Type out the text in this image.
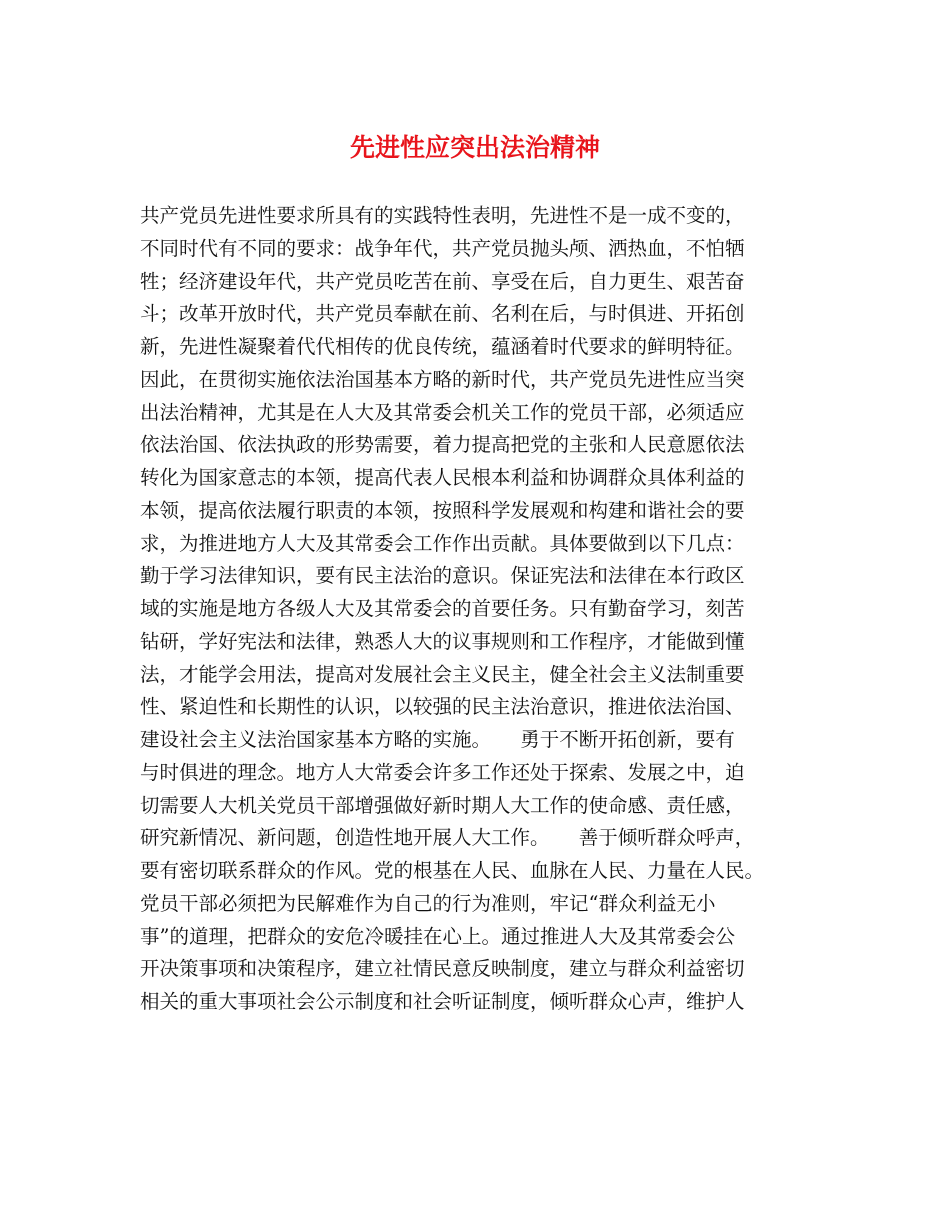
先进性应突出法治精神
共产党员先进性要求所具有的实践特性表明，先进性不是一成不变的，
不同时代有不同的要求：战争年代，共产党员抛头颅、洒热血，不怕牺
牲；经济建设年代，共产党员吃苦在前、享受在后，自力更生、艰苦奋
斗；改革开放时代，共产党员奉献在前、名利在后，与时俱进、开拓创
新，先进性凝聚着代代相传的优良传统，蕴涵着时代要求的鲜明特征。
因此，在贯彻实施依法治国基本方略的新时代，共产党员先进性应当突
出法治精神，尤其是在人大及其常委会机关工作的党员干部，必须适应
依法治国、依法执政的形势需要，着力提高把党的主张和人民意愿依法
转化为国家意志的本领，提高代表人民根本利益和协调群众具体利益的
本领，提高依法履行职责的本领，按照科学发展观和构建和谐社会的要
求，为推进地方人大及其常委会工作作出贡献。具体要做到以下几点：
勤于学习法律知识，要有民主法治的意识。保证宪法和法律在本行政区
域的实施是地方各级人大及其常委会的首要任务。只有勤奋学习，刻苦
钻研，学好宪法和法律，熟悉人大的议事规则和工作程序，才能做到懂
法，才能学会用法，提高对发展社会主义民主，健全社会主义法制重要
性、紧迫性和长期性的认识，以较强的民主法治意识，推进依法治国、
建设社会主义法治国家基本方略的实施。　　勇于不断开拓创新，要有
与时俱进的理念。地方人大常委会许多工作还处于探索、发展之中，迫
切需要人大机关党员干部增强做好新时期人大工作的使命感、责任感，
研究新情况、新问题，创造性地开展人大工作。　　善于倾听群众呼声，
要有密切联系群众的作风。党的根基在人民、血脉在人民、力量在人民。
党员干部必须把为民解难作为自己的行为准则，牢记“群众利益无小
事”的道理，把群众的安危冷暖挂在心上。通过推进人大及其常委会公
开决策事项和决策程序，建立社情民意反映制度，建立与群众利益密切
相关的重大事项社会公示制度和社会听证制度，倾听群众心声，维护人
